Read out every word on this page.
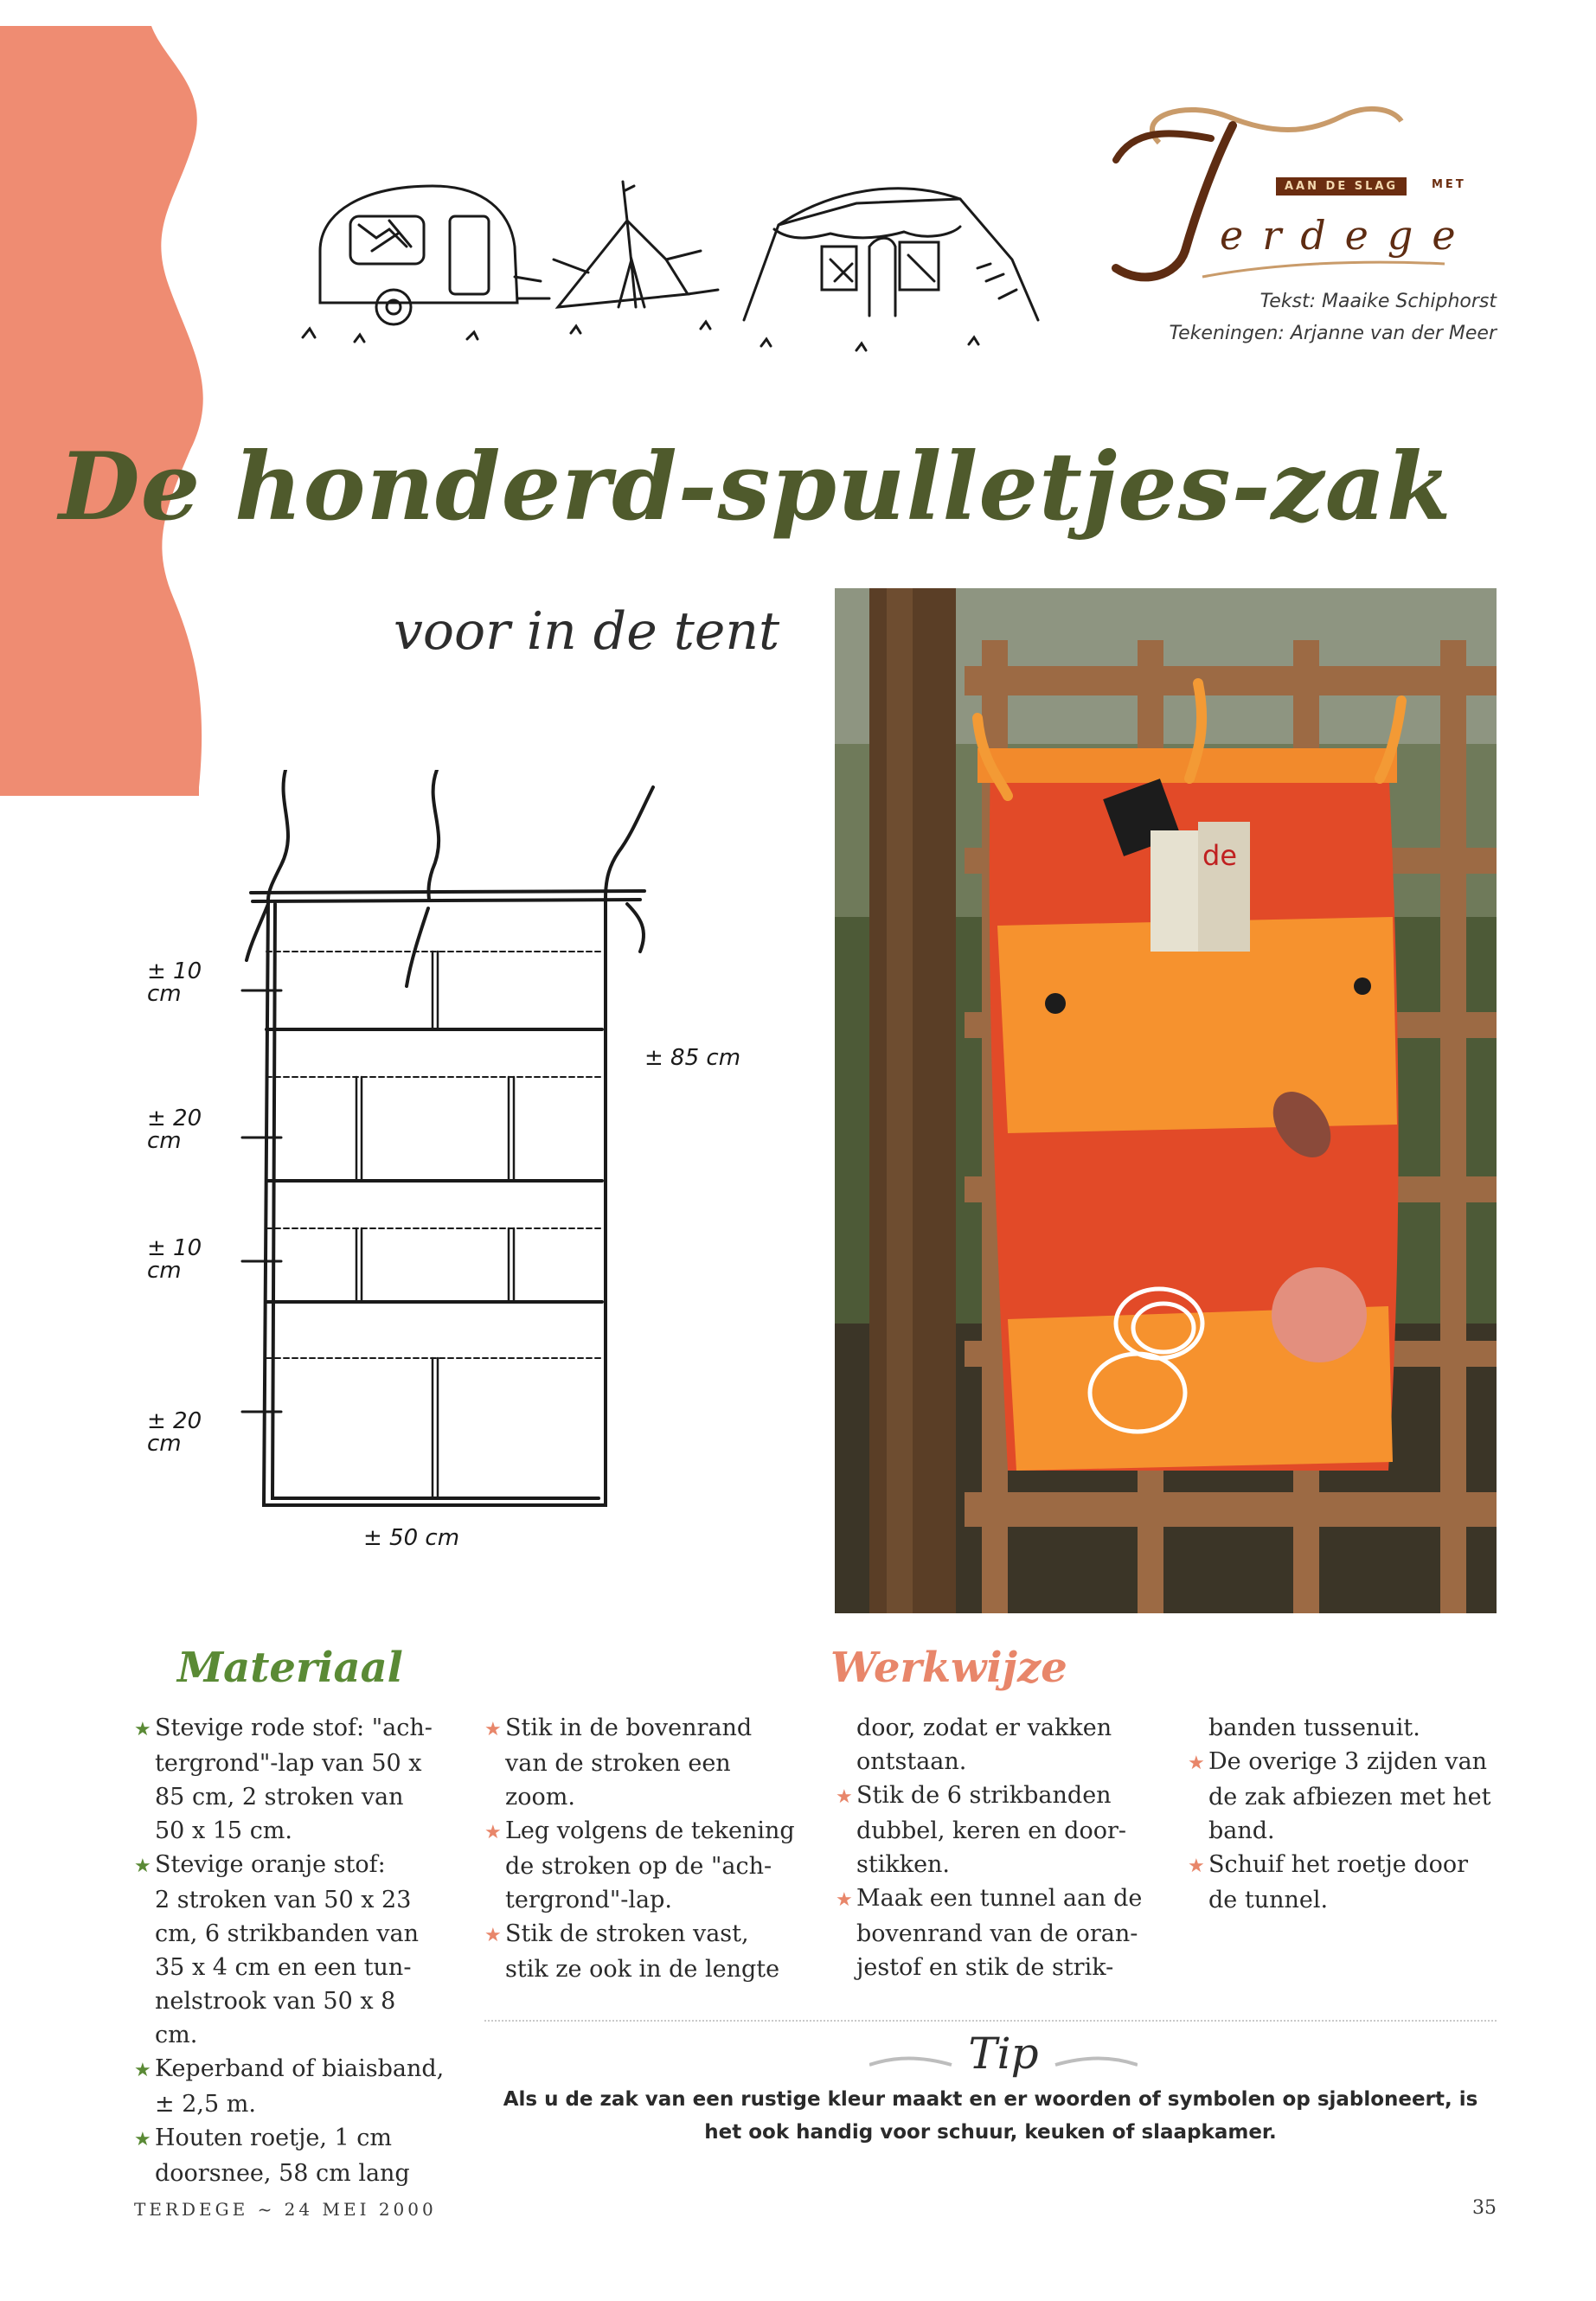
AAN DE SLAG	MET
erdege
Tekst: Maaike Schiphorst
Tekeningen: Arjanne van der Meer
De honderd-spulletjes-zak
voor in de tent
± 10
cm
± 20
cm
± 10
cm
± 20
cm
± 85 cm
± 50 cm
de
Materiaal	Werkwijze

★ Stevige rode stof: "ach-
tergrond"-lap van 50 x
85 cm, 2 stroken van
50 x 15 cm.

★ Stevige oranje stof:
2 stroken van 50 x 23
cm, 6 strikbanden van
35 x 4 cm en een tun-
nelstrook van 50 x 8
cm.

★ Keperband of biaisband,
± 2,5 m.

★ Houten roetje, 1 cm
doorsnee, 58 cm lang

★ Stik in de bovenrand
van de stroken een
zoom.

★ Leg volgens de tekening
de stroken op de "ach-
tergrond"-lap.

★ Stik de stroken vast,
stik ze ook in de lengte

door, zodat er vakken
ontstaan.

★ Stik de 6 strikbanden
dubbel, keren en door-
stikken.

★ Maak een tunnel aan de
bovenrand van de oran-
jestof en stik de strik-

banden tussenuit.

★ De overige 3 zijden van
de zak afbiezen met het
band.

★ Schuif het roetje door
de tunnel.

Tip
Als u de zak van een rustige kleur maakt en er woorden of symbolen op sjabloneert, is het ook handig voor schuur, keuken of slaapkamer.
TERDEGE ~ 24 MEI 2000	35
